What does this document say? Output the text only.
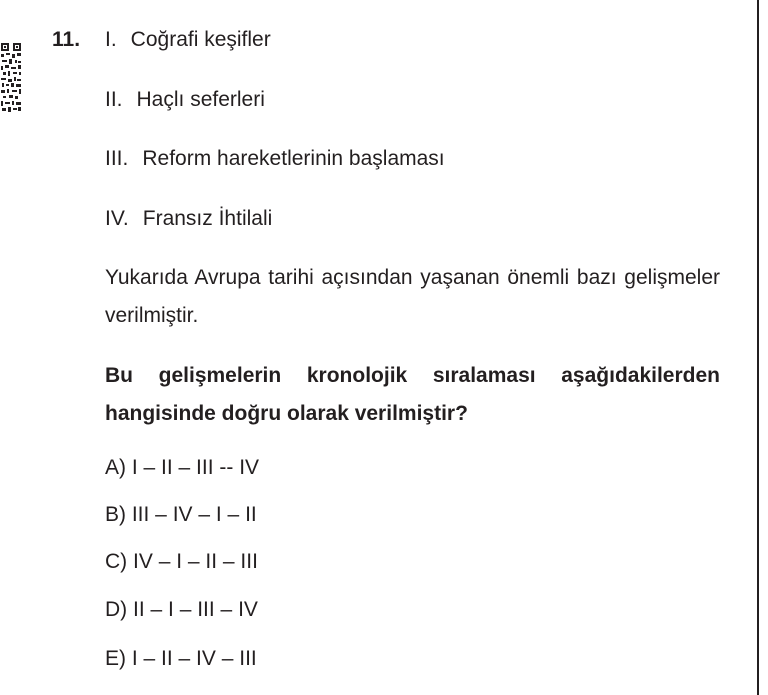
11. I. Coğrafi keşifler
II. Haçlı seferleri
III. Reform hareketlerinin başlaması
IV. Fransız İhtilali
Yukarıda Avrupa tarihi açısından yaşanan önemli bazı gelişmeler verilmiştir.
Bu gelişmelerin kronolojik sıralaması aşağıdakilerden hangisinde doğru olarak verilmiştir?
A) I – II – III -- IV
B) III – IV – I – II
C) IV – I – II – III
D) II – I – III – IV
E) I – II – IV – III
